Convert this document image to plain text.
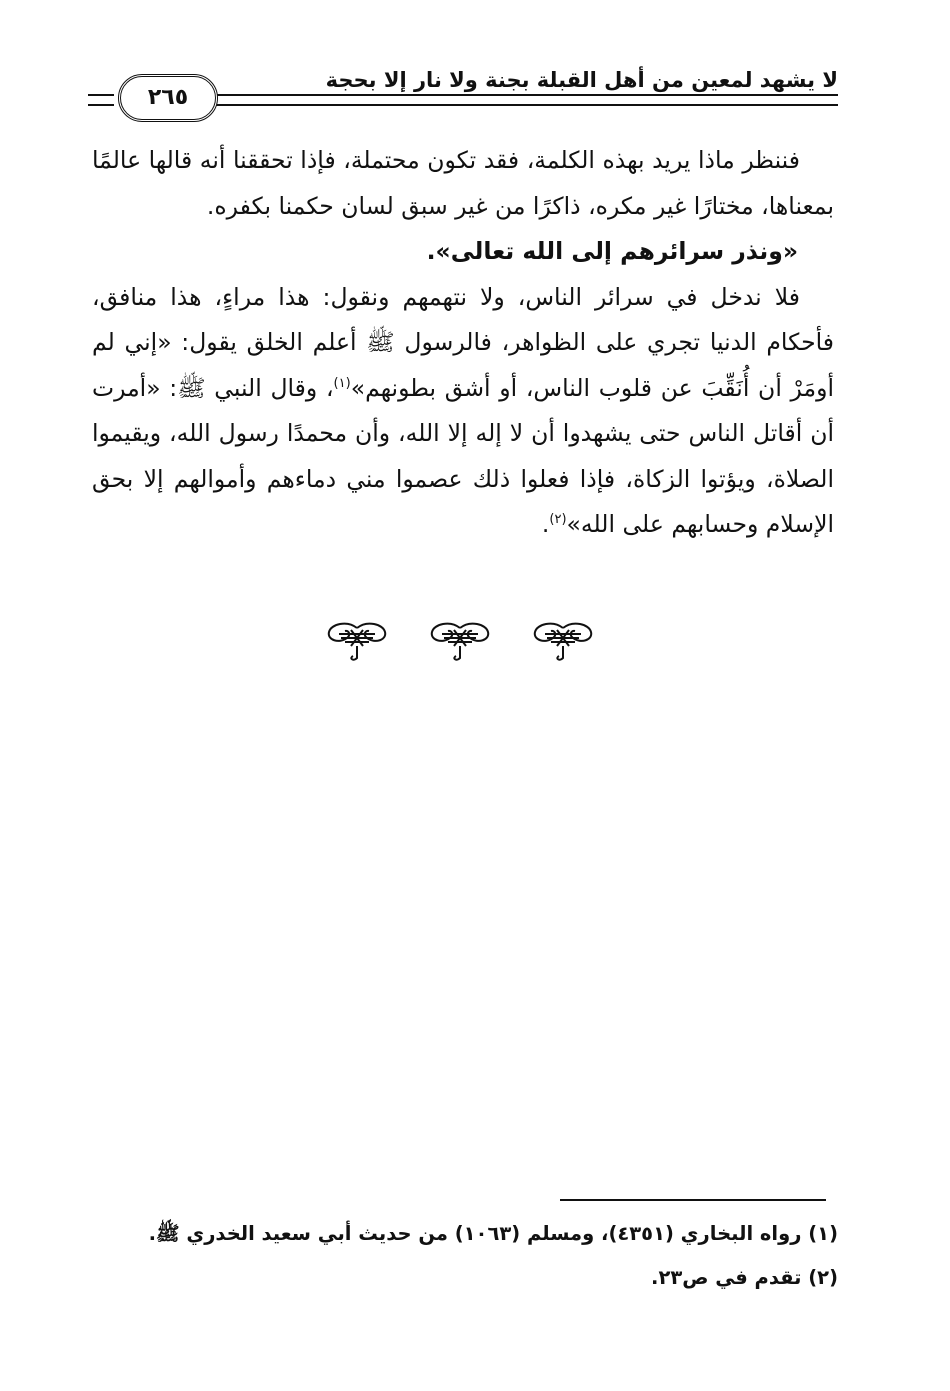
٢٦٥
لا يشهد لمعين من أهل القبلة بجنة ولا نار إلا بحجة

فننظر ماذا يريد بهذه الكلمة، فقد تكون محتملة، فإذا تحققنا أنه قالها عالمًا بمعناها، مختارًا غير مكره، ذاكرًا من غير سبق لسان حكمنا بكفره.

«ونذر سرائرهم إلى الله تعالى».

فلا ندخل في سرائر الناس، ولا نتهمهم ونقول: هذا مراءٍ، هذا منافق، فأحكام الدنيا تجري على الظواهر، فالرسول ﷺ أعلم الخلق يقول: «إني لم أومَرْ أن أُنَقِّبَ عن قلوب الناس، أو أشق بطونهم»$^{(١)}$، وقال النبي ﷺ: «أمرت أن أقاتل الناس حتى يشهدوا أن لا إله إلا الله، وأن محمدًا رسول الله، ويقيموا الصلاة، ويؤتوا الزكاة، فإذا فعلوا ذلك عصموا مني دماءهم وأموالهم إلا بحق الإسلام وحسابهم على الله»$^{(٢)}$.

(١) رواه البخاري (٤٣٥١)، ومسلم (١٠٦٣) من حديث أبي سعيد الخدري ﷺ.
(٢) تقدم في ص٢٣.
